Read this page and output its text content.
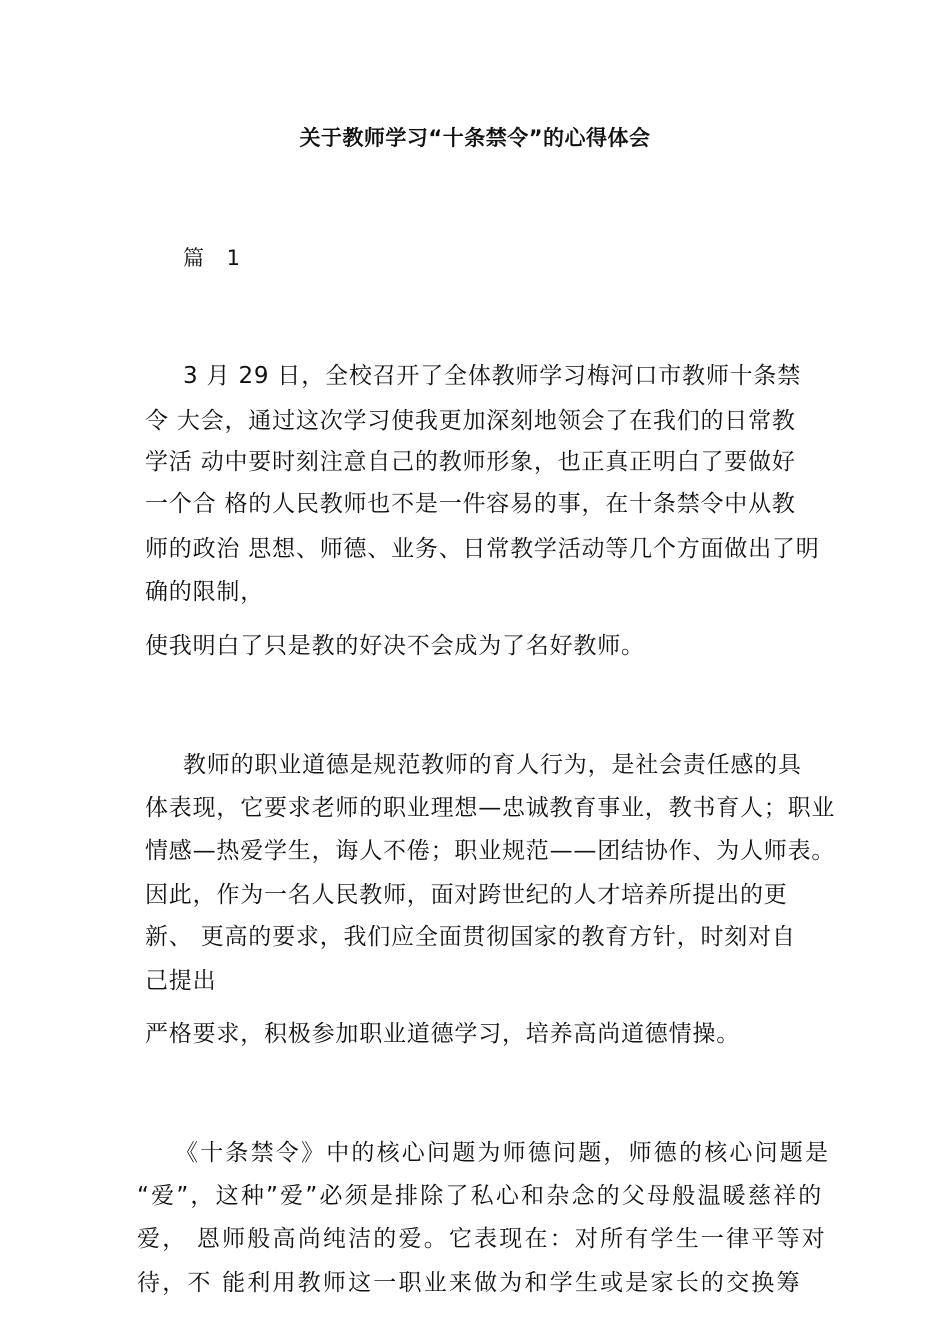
关于教师学习“十条禁令”的心得体会
篇 1
3 月 29 日，全校召开了全体教师学习梅河口市教师十条禁
令 大会，通过这次学习使我更加深刻地领会了在我们的日常教
学活 动中要时刻注意自己的教师形象，也正真正明白了要做好
一个合 格的人民教师也不是一件容易的事，在十条禁令中从教
师的政治 思想、师德、业务、日常教学活动等几个方面做出了明
确的限制，
使我明白了只是教的好决不会成为了名好教师。
教师的职业道德是规范教师的育人行为，是社会责任感的具
体表现，它要求老师的职业理想—忠诚教育事业，教书育人；职业
情感—热爱学生，诲人不倦；职业规范——团结协作、为人师表。
因此，作为一名人民教师，面对跨世纪的人才培养所提出的更
新、 更高的要求，我们应全面贯彻国家的教育方针，时刻对自
己提出
严格要求，积极参加职业道德学习，培养高尚道德情操。
《十条禁令》中的核心问题为师德问题，师德的核心问题是
“爱”，这种”爱”必须是排除了私心和杂念的父母般温暖慈祥的
爱， 恩师般高尚纯洁的爱。它表现在：对所有学生一律平等对
待，不 能利用教师这一职业来做为和学生或是家长的交换筹
